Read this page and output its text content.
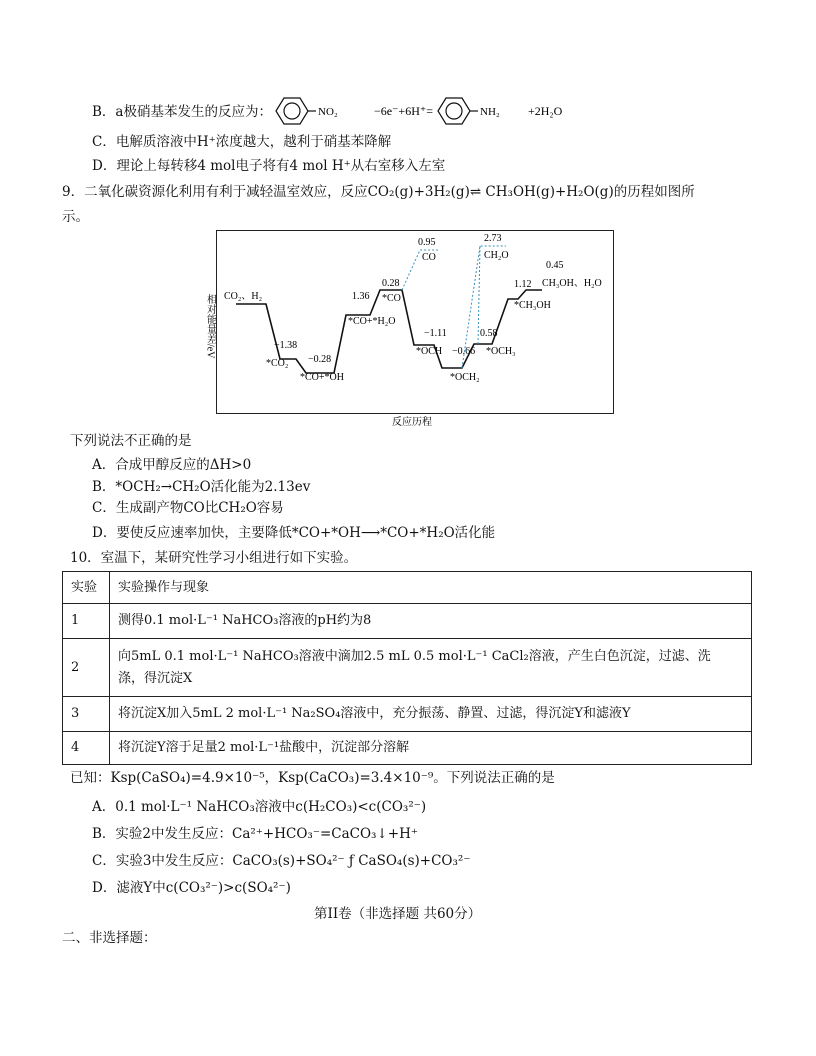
B．a极硝基苯发生的反应为：	NO₂	−6e⁻+6H⁺=	NH₂ +2H₂O
C．电解质溶液中H⁺浓度越大，越利于硝基苯降解
D．理论上每转移4 mol电子将有4 mol H⁺从右室移入左室
9．二氧化碳资源化利用有利于减轻温室效应，反应CO₂(g)+3H₂(g)⇌ CH₃OH(g)+H₂O(g)的历程如图所
示。
相对能量差/eV CO₂、H₂
−1.38
*CO₂ −0.28
*CO+*OH
1.36
*CO+*H₂O
0.28
*CO
0.95
CO
−1.11
*OCH −0.66
*OCH₂
2.73
CH₂O
0.58
*OCH₃
1.12
*CH₃OH
0.45
CH₃OH、H₂O
反应历程
下列说法不正确的是
A．合成甲醇反应的ΔH>0
B．*OCH₂→CH₂O活化能为2.13ev
C．生成副产物CO比CH₂O容易
D．要使反应速率加快，主要降低*CO+*OH⟶*CO+*H₂O活化能
10．室温下，某研究性学习小组进行如下实验。
实验	实验操作与现象
1	测得0.1 mol·L⁻¹ NaHCO₃溶液的pH约为8
2	向5mL 0.1 mol·L⁻¹ NaHCO₃溶液中滴加2.5 mL 0.5 mol·L⁻¹ CaCl₂溶液，产生白色沉淀，过滤、洗
涤，得沉淀X

3	将沉淀X加入5mL 2 mol·L⁻¹ Na₂SO₄溶液中，充分振荡、静置、过滤，得沉淀Y和滤液Y
4	将沉淀Y溶于足量2 mol·L⁻¹盐酸中，沉淀部分溶解
已知：Ksp(CaSO₄)=4.9×10⁻⁵，Ksp(CaCO₃)=3.4×10⁻⁹。下列说法正确的是
A．0.1 mol·L⁻¹ NaHCO₃溶液中c(H₂CO₃)<c(CO₃²⁻)
B．实验2中发生反应：Ca²⁺+HCO₃⁻=CaCO₃↓+H⁺
C．实验3中发生反应：CaCO₃(s)+SO₄²⁻ ƒ CaSO₄(s)+CO₃²⁻
D．滤液Y中c(CO₃²⁻)>c(SO₄²⁻)
第II卷（非选择题 共60分）
二、非选择题：
